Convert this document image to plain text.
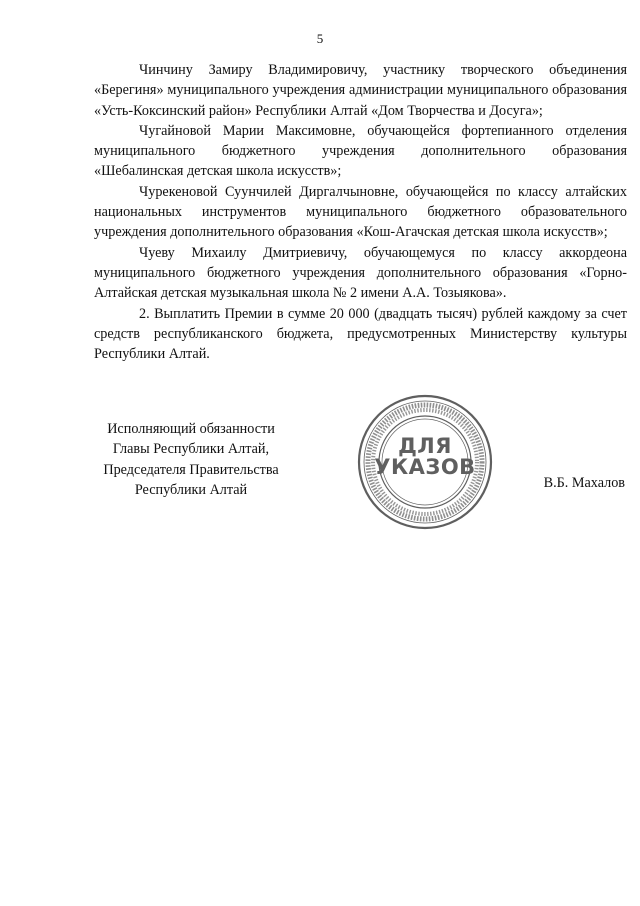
5

Чинчину Замиру Владимировичу, участнику творческого объединения «Берегиня» муниципального учреждения администрации муниципального образования «Усть-Коксинский район» Республики Алтай «Дом Творчества и Досуга»;

Чугайновой Марии Максимовне, обучающейся фортепианного отделения муниципального бюджетного учреждения дополнительного образования «Шебалинская детская школа искусств»;

Чурекеновой Суунчилей Диргалчыновне, обучающейся по классу алтайских национальных инструментов муниципального бюджетного образовательного учреждения дополнительного образования «Кош-Агачская детская школа искусств»;

Чуеву Михаилу Дмитриевичу, обучающемуся по классу аккордеона муниципального бюджетного учреждения дополнительного образования «Горно-Алтайская детская музыкальная школа № 2 имени А.А. Тозыякова».

2. Выплатить Премии в сумме 20 000 (двадцать тысяч) рублей каждому за счет средств республиканского бюджета, предусмотренных Министерству культуры Республики Алтай.

Исполняющий обязанности
Главы Республики Алтай,
Председателя Правительства
Республики Алтай
ДЛЯ
УКАЗОВ
В.Б. Махалов
